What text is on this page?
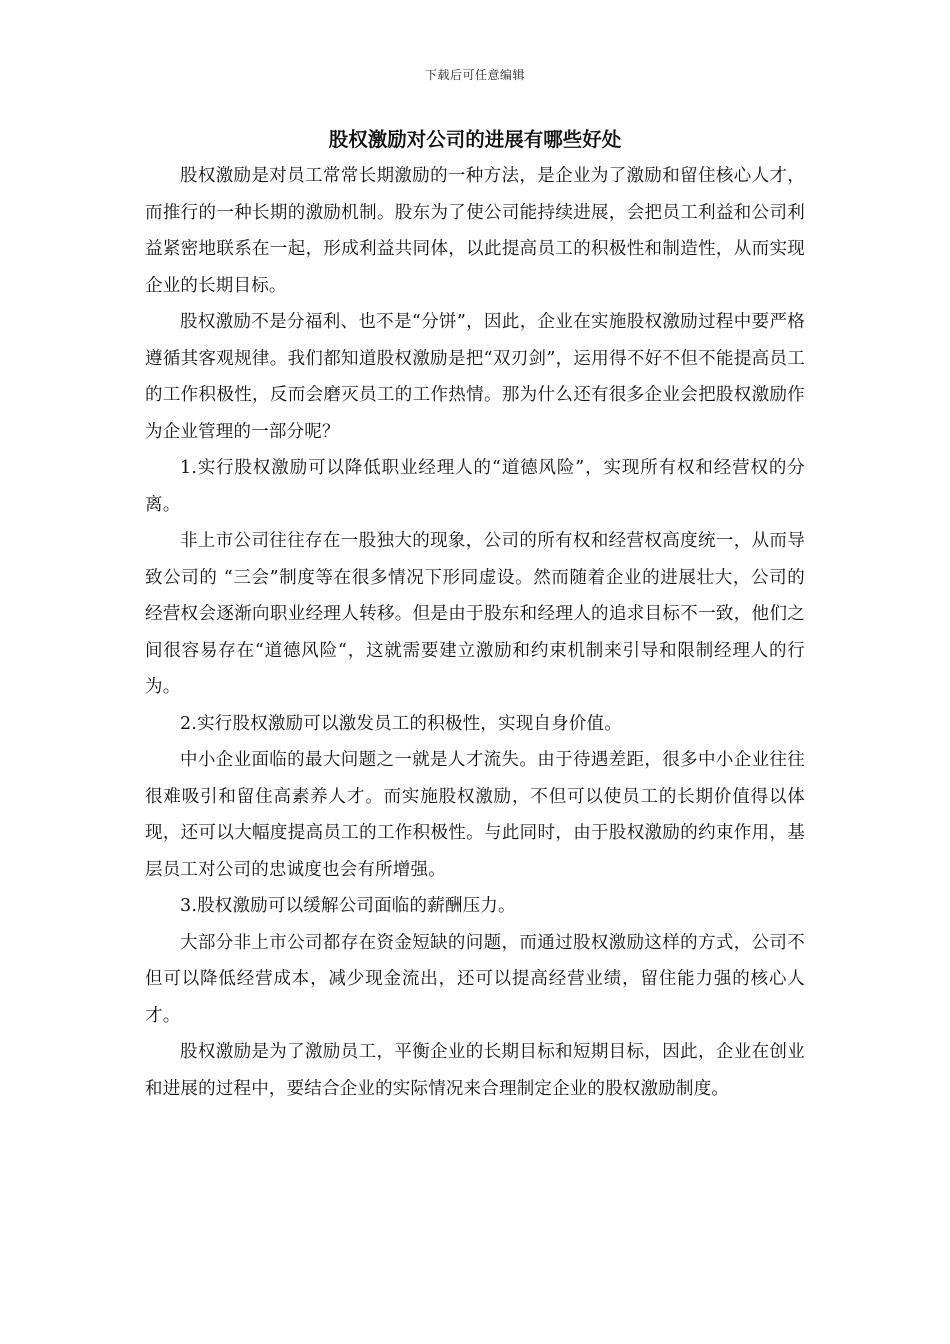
下载后可任意编辑
股权激励对公司的进展有哪些好处

股权激励是对员工常常长期激励的一种方法，是企业为了激励和留住核心人才，而推行的一种长期的激励机制。股东为了使公司能持续进展，会把员工利益和公司利益紧密地联系在一起，形成利益共同体，以此提高员工的积极性和制造性，从而实现企业的长期目标。

股权激励不是分福利、也不是“分饼”，因此，企业在实施股权激励过程中要严格遵循其客观规律。我们都知道股权激励是把“双刃剑”，运用得不好不但不能提高员工的工作积极性，反而会磨灭员工的工作热情。那为什么还有很多企业会把股权激励作为企业管理的一部分呢？

1.实行股权激励可以降低职业经理人的“道德风险”，实现所有权和经营权的分离。

非上市公司往往存在一股独大的现象，公司的所有权和经营权高度统一，从而导致公司的 “三会”制度等在很多情况下形同虚设。然而随着企业的进展壮大，公司的经营权会逐渐向职业经理人转移。但是由于股东和经理人的追求目标不一致，他们之间很容易存在“道德风险“，这就需要建立激励和约束机制来引导和限制经理人的行为。

2.实行股权激励可以激发员工的积极性，实现自身价值。

中小企业面临的最大问题之一就是人才流失。由于待遇差距，很多中小企业往往很难吸引和留住高素养人才。而实施股权激励，不但可以使员工的长期价值得以体现，还可以大幅度提高员工的工作积极性。与此同时，由于股权激励的约束作用，基层员工对公司的忠诚度也会有所增强。

3.股权激励可以缓解公司面临的薪酬压力。

大部分非上市公司都存在资金短缺的问题，而通过股权激励这样的方式，公司不但可以降低经营成本，减少现金流出，还可以提高经营业绩，留住能力强的核心人才。

股权激励是为了激励员工，平衡企业的长期目标和短期目标，因此，企业在创业和进展的过程中，要结合企业的实际情况来合理制定企业的股权激励制度。
